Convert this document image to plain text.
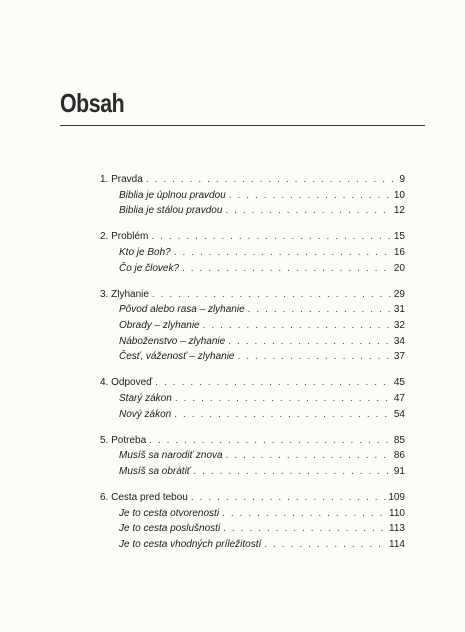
Obsah
1. Pravda . . .	9
Biblia je úplnou pravdou . . .	10
Biblia je stálou pravdou . . .	12
2. Problém . . .	15
Kto je Boh? . . .	16
Čo je človek? . . .	20
3. Zlyhanie . . .	29
Pôvod alebo rasa – zlyhanie . . .	31
Obrady – zlyhanie . . .	32
Náboženstvo – zlyhanie . . .	34
Česť, váženosť – zlyhanie . . .	37
4. Odpoveď . . .	45
Starý zákon . . .	47
Nový zákon . . .	54
5. Potreba . . .	85
Musíš sa narodiť znova . . .	86
Musíš sa obrátiť . . .	91
6. Cesta pred tebou . . .	109
Je to cesta otvorenosti . . .	110
Je to cesta poslušnosti . . .	113
Je to cesta vhodných príležitostí . . .	114
